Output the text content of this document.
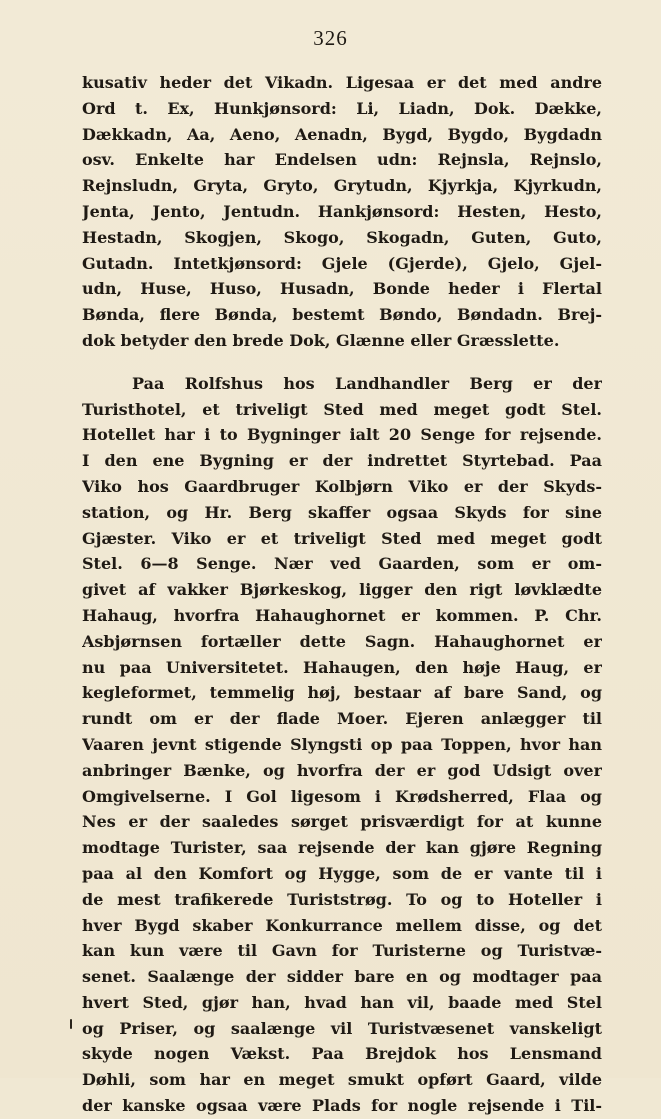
326
kusativ heder det Vikadn. Ligesaa er det med andre
Ord t. Ex, Hunkjønsord: Li, Liadn, Dok. Dække,
Dækkadn, Aa, Aeno, Aenadn, Bygd, Bygdo, Bygdadn
osv. Enkelte har Endelsen udn: Rejnsla, Rejnslo,
Rejnsludn, Gryta, Gryto, Grytudn, Kjyrkja, Kjyrkudn,
Jenta, Jento, Jentudn. Hankjønsord: Hesten, Hesto,
Hestadn, Skogjen, Skogo, Skogadn, Guten, Guto,
Gutadn. Intetkjønsord: Gjele (Gjerde), Gjelo, Gjel-
udn, Huse, Huso, Husadn, Bonde heder i Flertal
Bønda, flere Bønda, bestemt Bøndo, Bøndadn. Brej-
dok betyder den brede Dok, Glænne eller Græsslette.
Paa Rolfshus hos Landhandler Berg er der
Turisthotel, et triveligt Sted med meget godt Stel.
Hotellet har i to Bygninger ialt 20 Senge for rejsende.
I den ene Bygning er der indrettet Styrtebad. Paa
Viko hos Gaardbruger Kolbjørn Viko er der Skyds-
station, og Hr. Berg skaffer ogsaa Skyds for sine
Gjæster. Viko er et triveligt Sted med meget godt
Stel. 6—8 Senge. Nær ved Gaarden, som er om-
givet af vakker Bjørkeskog, ligger den rigt løvklædte
Hahaug, hvorfra Hahaughornet er kommen. P. Chr.
Asbjørnsen fortæller dette Sagn. Hahaughornet er
nu paa Universitetet. Hahaugen, den høje Haug, er
kegleformet, temmelig høj, bestaar af bare Sand, og
rundt om er der flade Moer. Ejeren anlægger til
Vaaren jevnt stigende Slyngsti op paa Toppen, hvor han
anbringer Bænke, og hvorfra der er god Udsigt over
Omgivelserne. I Gol ligesom i Krødsherred, Flaa og
Nes er der saaledes sørget prisværdigt for at kunne
modtage Turister, saa rejsende der kan gjøre Regning
paa al den Komfort og Hygge, som de er vante til i
de mest trafikerede Turiststrøg. To og to Hoteller i
hver Bygd skaber Konkurrance mellem disse, og det
kan kun være til Gavn for Turisterne og Turistvæ-
senet. Saalænge der sidder bare en og modtager paa
hvert Sted, gjør han, hvad han vil, baade med Stel
og Priser, og saalænge vil Turistvæsenet vanskeligt
skyde nogen Vækst. Paa Brejdok hos Lensmand
Døhli, som har en meget smukt opført Gaard, vilde
der kanske ogsaa være Plads for nogle rejsende i Til-
